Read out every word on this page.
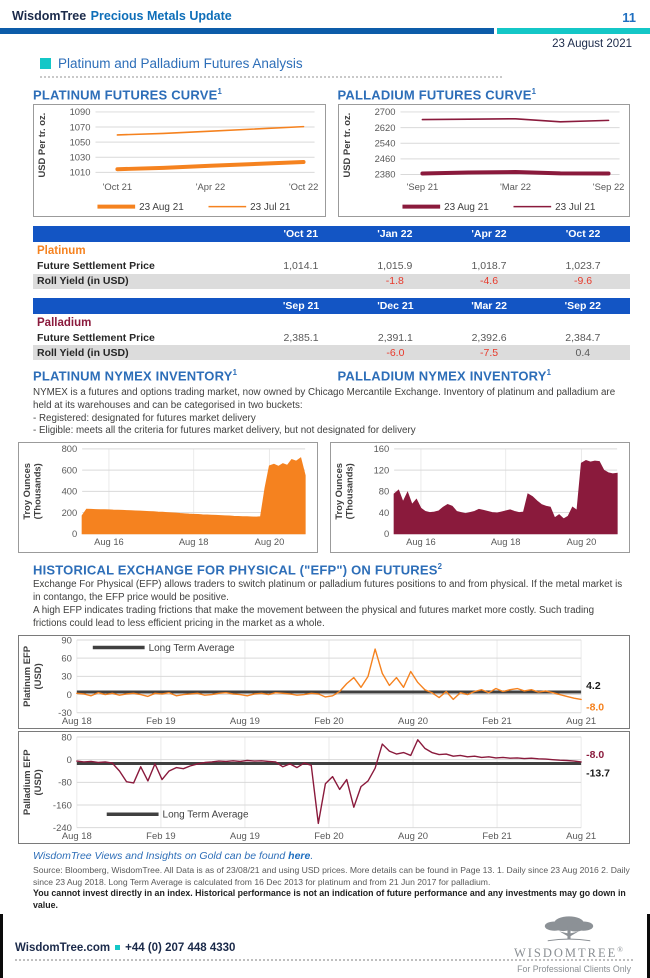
WisdomTree Precious Metals Update	11
23 August 2021
Platinum and Palladium Futures Analysis
PLATINUM FUTURES CURVE$^1$	PALLADIUM FUTURES CURVE$^1$
1010
1030
1050
1070
1090
'Oct 21	'Apr 22	'Oct 22
23 Aug 21	23 Jul 21
USD Per tr. oz.	2380
2460
2540
2620
2700
'Sep 21	'Mar 22	'Sep 22
23 Aug 21	23 Jul 21
USD Per tr. oz.
	'Oct 21	'Jan 22	'Apr 22	'Oct 22
Platinum				
Future Settlement Price	1,014.1	1,015.9	1,018.7	1,023.7
Roll Yield (in USD)		-1.8	-4.6	-9.6
	'Sep 21	'Dec 21	'Mar 22	'Sep 22
Palladium				
Future Settlement Price	2,385.1	2,391.1	2,392.6	2,384.7
Roll Yield (in USD)		-6.0	-7.5	0.4
PLATINUM NYMEX INVENTORY$^1$	PALLADIUM NYMEX INVENTORY$^1$
NYMEX is a futures and options trading market, now owned by Chicago Mercantile Exchange. Inventory of platinum and palladium are held at its warehouses and can be categorised in two buckets:
- Registered: designated for futures market delivery
- Eligible: meets all the criteria for futures market delivery, but not designated for delivery
0
200
400
600
800
Aug 16	Aug 18	Aug 20
Troy Ounces (Thousands)
0
40
80
120
160
Aug 16	Aug 18	Aug 20
Troy Ounces (Thousands)
HISTORICAL EXCHANGE FOR PHYSICAL ("EFP") ON FUTURES$^2$
Exchange For Physical (EFP) allows traders to switch platinum or palladium futures positions to and from physical. If the metal market is in contango, the EFP price would be positive.
A high EFP indicates trading frictions that make the movement between the physical and futures market more costly. Such trading frictions could lead to less efficient pricing in the market as a whole.
-30
0
30
60
90
Aug 18	Feb 19	Aug 19	Feb 20	Aug 20	Feb 21	Aug 21
4.2
-8.0
Long Term Average
Platinum EFP (USD)
-240
-160
-80
0
80
Aug 18	Feb 19	Aug 19	Feb 20	Aug 20	Feb 21	Aug 21
-8.0
-13.7
Long Term Average
Palladium EFP (USD)
WisdomTree Views and Insights on Gold can be found here.
Source: Bloomberg, WisdomTree. All Data is as of 23/08/21 and using USD prices. More details can be found in Page 13. 1. Daily since 23 Aug 2016 2. Daily since 23 Aug 2018. Long Term Average is calculated from 16 Dec 2013 for platinum and from 21 Jun 2017 for palladium.
You cannot invest directly in an index. Historical performance is not an indication of future performance and any investments may go down in value.
WisdomTree.com +44 (0) 207 448 4330	WISDOMTREE®
For Professional Clients Only
